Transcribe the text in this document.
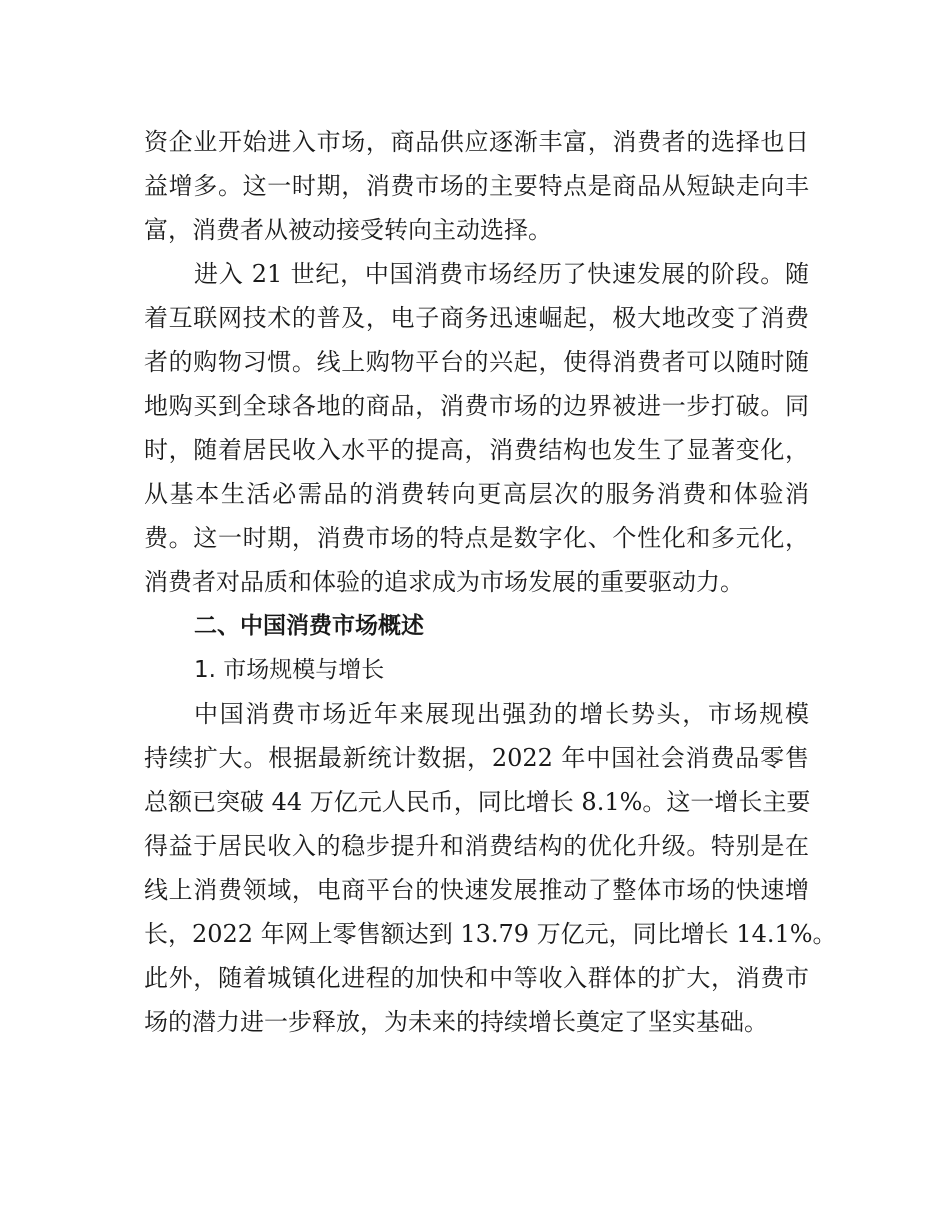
资企业开始进入市场，商品供应逐渐丰富，消费者的选择也日
益增多。这一时期，消费市场的主要特点是商品从短缺走向丰
富，消费者从被动接受转向主动选择。
进入 21 世纪，中国消费市场经历了快速发展的阶段。随
着互联网技术的普及，电子商务迅速崛起，极大地改变了消费
者的购物习惯。线上购物平台的兴起，使得消费者可以随时随
地购买到全球各地的商品，消费市场的边界被进一步打破。同
时，随着居民收入水平的提高，消费结构也发生了显著变化，
从基本生活必需品的消费转向更高层次的服务消费和体验消
费。这一时期，消费市场的特点是数字化、个性化和多元化，
消费者对品质和体验的追求成为市场发展的重要驱动力。
二、中国消费市场概述
1. 市场规模与增长
中国消费市场近年来展现出强劲的增长势头，市场规模
持续扩大。根据最新统计数据，2022 年中国社会消费品零售
总额已突破 44 万亿元人民币，同比增长 8.1%。这一增长主要
得益于居民收入的稳步提升和消费结构的优化升级。特别是在
线上消费领域，电商平台的快速发展推动了整体市场的快速增
长，2022 年网上零售额达到 13.79 万亿元，同比增长 14.1%。
此外，随着城镇化进程的加快和中等收入群体的扩大，消费市
场的潜力进一步释放，为未来的持续增长奠定了坚实基础。
